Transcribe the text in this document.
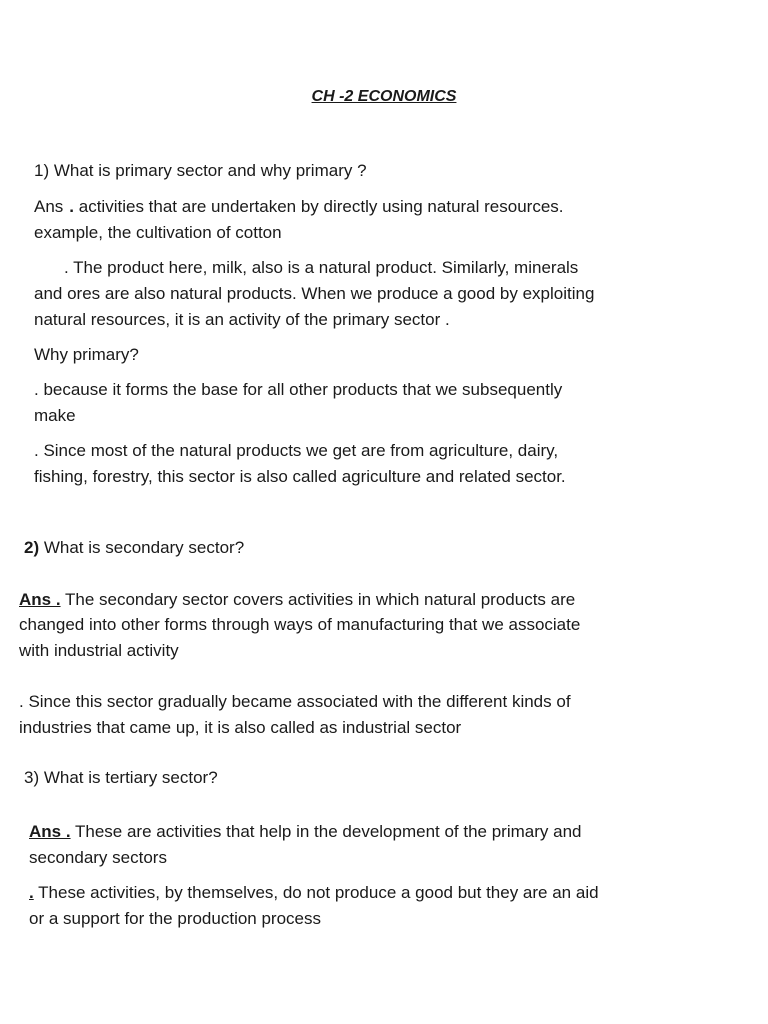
CH -2 ECONOMICS

1) What is primary sector and why primary ?

Ans . activities that are undertaken by directly using natural resources.

example, the cultivation of cotton

. The product here, milk, also is a natural product. Similarly, minerals

and ores are also natural products. When we produce a good by exploiting

natural resources, it is an activity of the primary sector .

Why primary?

. because it forms the base for all other products that we subsequently

make

. Since most of the natural products we get are from agriculture, dairy,

fishing, forestry, this sector is also called agriculture and related sector.

2) What is secondary sector?

Ans . The secondary sector covers activities in which natural products are

changed into other forms through ways of manufacturing that we associate

with industrial activity

. Since this sector gradually became associated with the different kinds of

industries that came up, it is also called as industrial sector

3) What is tertiary sector?

Ans . These are activities that help in the development of the primary and

secondary sectors

. These activities, by themselves, do not produce a good but they are an aid

or a support for the production process
